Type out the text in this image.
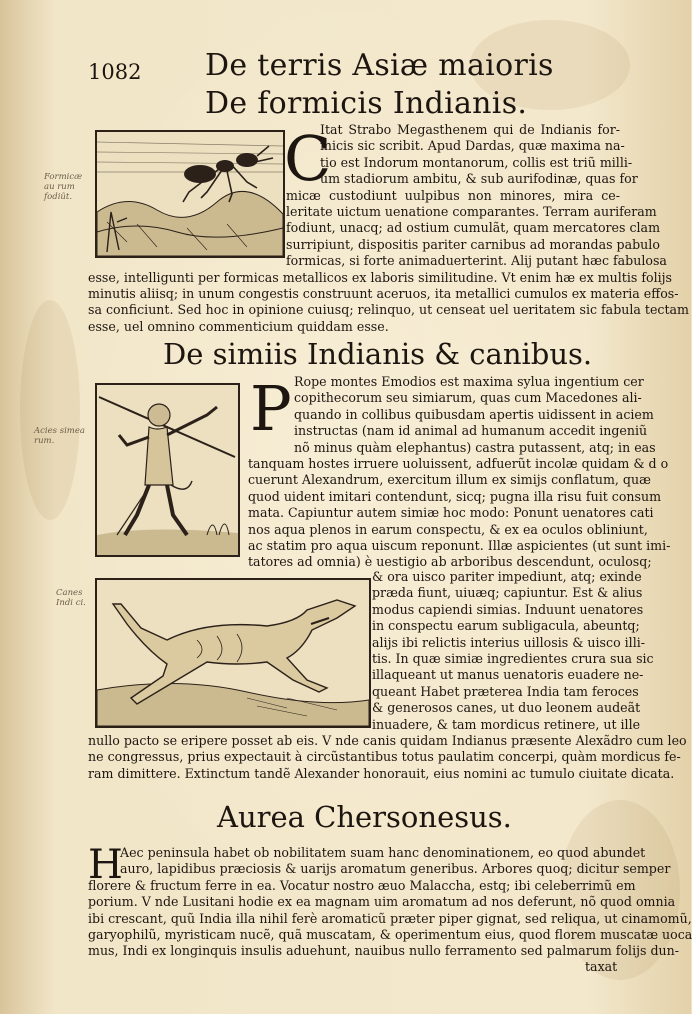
1082 De terris Asiæ maioris
De formicis Indianis.
Formicæ au rum fodiũt.
C
Itat Strabo Megasthenem qui de Indianis for-
micis sic scribit. Apud Dardas, quæ maxima na-
tio est Indorum montanorum, collis est triũ milli-
um stadiorum ambitu, & sub aurifodinæ, quas for
micæ custodiunt uulpibus non minores, mira ce-
leritate uictum uenatione comparantes. Terram auriferam
fodiunt, unacq; ad ostium cumulãt, quam mercatores clam
surripiunt, dispositis pariter carnibus ad morandas pabulo
formicas, si forte animaduerterint. Alij putant hæc fabulosa
esse, intelligunti per formicas metallicos ex laboris similitudine. Vt enim hæ ex multis folijs
minutis aliisq; in unum congestis construunt aceruos, ita metallici cumulos ex materia effos-
sa conficiunt. Sed hoc in opinione cuiusq; relinquo, ut censeat uel ueritatem sic fabula tectam
esse, uel omnino commenticium quiddam esse.
De simiis Indianis & canibus.
Acies simea rum.	P Rope montes Emodios est maxima sylua ingentium cer
copithecorum seu simiarum, quas cum Macedones ali-
quando in collibus quibusdam apertis uidissent in aciem
instructas (nam id animal ad humanum accedit ingeniũ
nõ minus quàm elephantus) castra putassent, atq; in eas
tanquam hostes irruere uoluissent, adfuerũt incolæ quidam & d o
cuerunt Alexandrum, exercitum illum ex simijs conflatum, quæ
quod uident imitari contendunt, sicq; pugna illa risu fuit consum
mata. Capiuntur autem simiæ hoc modo: Ponunt uenatores cati
nos aqua plenos in earum conspectu, & ex ea oculos obliniunt,
ac statim pro aqua uiscum reponunt. Illæ aspicientes (ut sunt imi-
tatores ad omnia) è uestigio ab arboribus descendunt, oculosq;
Canes Indi ci.
& ora uisco pariter impediunt, atq; exinde
præda fiunt, uiuæq; capiuntur. Est & alius
modus capiendi simias. Induunt uenatores
in conspectu earum subligacula, abeuntq;
alijs ibi relictis interius uillosis & uisco illi-
tis. In quæ simiæ ingredientes crura sua sic
illaqueant ut manus uenatoris euadere ne-
queant Habet præterea India tam feroces
& generosos canes, ut duo leonem audeãt
inuadere, & tam mordicus retinere, ut ille
nullo pacto se eripere posset ab eis. V nde canis quidam Indianus præsente Alexãdro cum leo
ne congressus, prius expectauit à circũstantibus totus paulatim concerpi, quàm mordicus fe-
ram dimittere. Extinctum tandẽ Alexander honorauit, eius nomini ac tumulo ciuitate dicata.
Aurea Chersonesus.
H
Aec peninsula habet ob nobilitatem suam hanc denominationem, eo quod abundet
auro, lapidibus præciosis & uarijs aromatum generibus. Arbores quoq; dicitur semper
florere & fructum ferre in ea. Vocatur nostro æuo Malaccha, estq; ibi celeberrimũ em
porium. V nde Lusitani hodie ex ea magnam uim aromatum ad nos deferunt, nõ quod omnia
ibi crescant, quũ India illa nihil ferè aromaticũ præter piper gignat, sed reliqua, ut cinamomũ,
garyophilũ, myristicam nucẽ, quã muscatam, & operimentum eius, quod florem muscatæ uoca
mus, Indi ex longinquis insulis aduehunt, nauibus nullo ferramento sed palmarum folijs dun-
taxat
